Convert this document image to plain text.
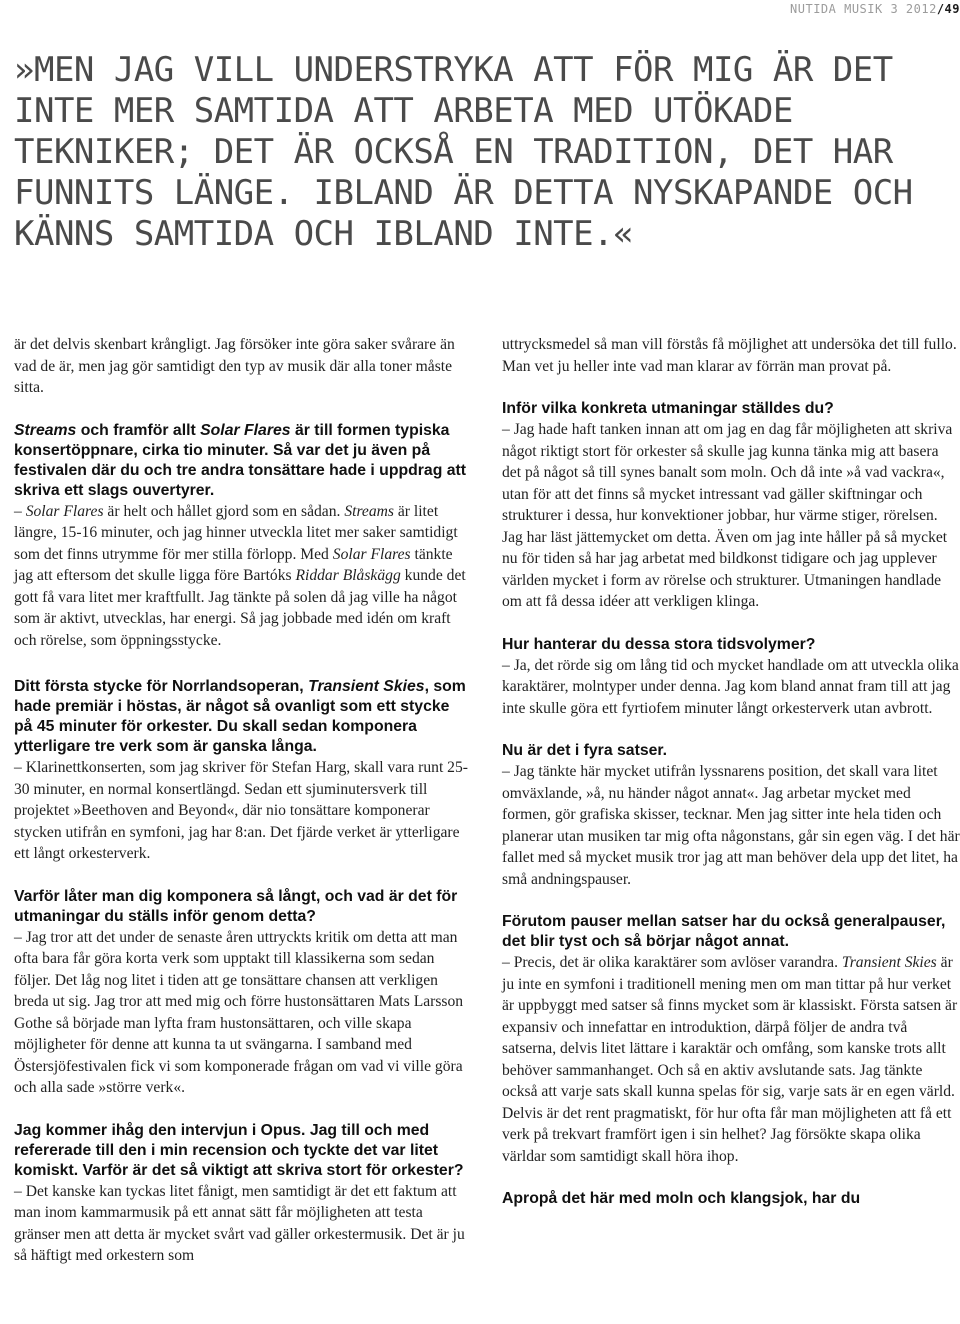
NUTIDA MUSIK 3 2012/49
»MEN JAG VILL UNDERSTRYKA ATT FÖR MIG ÄR DET INTE MER SAMTIDA ATT ARBETA MED UTÖKADE TEKNIKER; DET ÄR OCKSÅ EN TRADITION, DET HAR FUNNITS LÄNGE. IBLAND ÄR DETTA NYSKAPANDE OCH KÄNNS SAMTIDA OCH IBLAND INTE.«

är det delvis skenbart krångligt. Jag försöker inte göra saker svårare än vad de är, men jag gör samtidigt den typ av musik där alla toner måste sitta.

Streams och framför allt Solar Flares är till formen typiska konsertöppnare, cirka tio minuter. Så var det ju även på festivalen där du och tre andra tonsättare hade i uppdrag att skriva ett slags ouvertyrer.

– Solar Flares är helt och hållet gjord som en sådan. Streams är litet längre, 15-16 minuter, och jag hinner utveckla litet mer saker samtidigt som det finns utrymme för mer stilla förlopp. Med Solar Flares tänkte jag att eftersom det skulle ligga före Bartóks Riddar Blåskägg kunde det gott få vara litet mer kraftfullt. Jag tänkte på solen då jag ville ha något som är aktivt, utvecklas, har energi. Så jag jobbade med idén om kraft och rörelse, som öppningsstycke.

Ditt första stycke för Norrlandsoperan, Transient Skies, som hade premiär i höstas, är något så ovanligt som ett stycke på 45 minuter för orkester. Du skall sedan komponera ytterligare tre verk som är ganska långa.

– Klarinettkonserten, som jag skriver för Stefan Harg, skall vara runt 25-30 minuter, en normal konsertlängd. Sedan ett sjuminutersverk till projektet »Beethoven and Beyond«, där nio tonsättare komponerar stycken utifrån en symfoni, jag har 8:an. Det fjärde verket är ytterligare ett långt orkesterverk.

Varför låter man dig komponera så långt, och vad är det för utmaningar du ställs inför genom detta?

– Jag tror att det under de senaste åren uttryckts kritik om detta att man ofta bara får göra korta verk som upptakt till klassikerna som sedan följer. Det låg nog litet i tiden att ge tonsättare chansen att verkligen breda ut sig. Jag tror att med mig och förre hustonsättaren Mats Larsson Gothe så började man lyfta fram hustonsättaren, och ville skapa möjligheter för denne att kunna ta ut svängarna. I samband med Östersjöfestivalen fick vi som komponerade frågan om vad vi ville göra och alla sade »större verk«.

Jag kommer ihåg den intervjun i Opus. Jag till och med refererade till den i min recension och tyckte det var litet komiskt. Varför är det så viktigt att skriva stort för orkester?

– Det kanske kan tyckas litet fånigt, men samtidigt är det ett faktum att man inom kammarmusik på ett annat sätt får möjligheten att testa gränser men att detta är mycket svårt vad gäller orkestermusik. Det är ju så häftigt med orkestern som

uttrycksmedel så man vill förstås få möjlighet att undersöka det till fullo. Man vet ju heller inte vad man klarar av förrän man provat på.

Inför vilka konkreta utmaningar ställdes du?

– Jag hade haft tanken innan att om jag en dag får möjligheten att skriva något riktigt stort för orkester så skulle jag kunna tänka mig att basera det på något så till synes banalt som moln. Och då inte »å vad vackra«, utan för att det finns så mycket intressant vad gäller skiftningar och strukturer i dessa, hur konvektioner jobbar, hur värme stiger, rörelsen. Jag har läst jättemycket om detta. Även om jag inte håller på så mycket nu för tiden så har jag arbetat med bildkonst tidigare och jag upplever världen mycket i form av rörelse och strukturer. Utmaningen handlade om att få dessa idéer att verkligen klinga.

Hur hanterar du dessa stora tidsvolymer?

– Ja, det rörde sig om lång tid och mycket handlade om att utveckla olika karaktärer, molntyper under denna. Jag kom bland annat fram till att jag inte skulle göra ett fyrtiofem minuter långt orkesterverk utan avbrott.

Nu är det i fyra satser.

– Jag tänkte här mycket utifrån lyssnarens position, det skall vara litet omväxlande, »å, nu händer något annat«. Jag arbetar mycket med formen, gör grafiska skisser, tecknar. Men jag sitter inte hela tiden och planerar utan musiken tar mig ofta någonstans, går sin egen väg. I det här fallet med så mycket musik tror jag att man behöver dela upp det litet, ha små andningspauser.

Förutom pauser mellan satser har du också generalpauser, det blir tyst och så börjar något annat.

– Precis, det är olika karaktärer som avlöser varandra. Transient Skies är ju inte en symfoni i traditionell mening men om man tittar på hur verket är uppbyggt med satser så finns mycket som är klassiskt. Första satsen är expansiv och innefattar en introduktion, därpå följer de andra två satserna, delvis litet lättare i karaktär och omfång, som kanske trots allt behöver sammanhanget. Och så en aktiv avslutande sats. Jag tänkte också att varje sats skall kunna spelas för sig, varje sats är en egen värld. Delvis är det rent pragmatiskt, för hur ofta får man möjligheten att få ett verk på trekvart framfört igen i sin helhet? Jag försökte skapa olika världar som samtidigt skall höra ihop.

Apropå det här med moln och klangsjok, har du
